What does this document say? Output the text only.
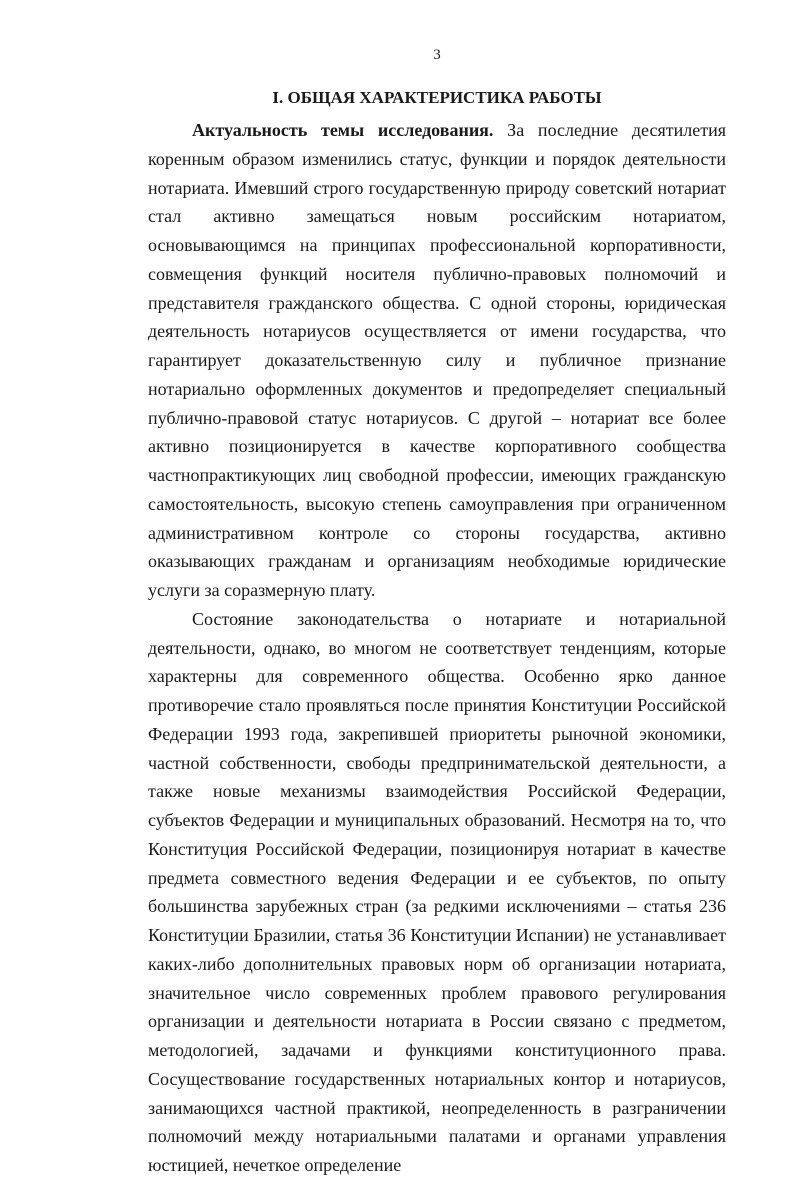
3
I. ОБЩАЯ ХАРАКТЕРИСТИКА РАБОТЫ

Актуальность темы исследования. За последние десятилетия коренным образом изменились статус, функции и порядок деятельности нотариата. Имевший строго государственную природу советский нотариат стал активно замещаться новым российским нотариатом, основывающимся на принципах профессиональной корпоративности, совмещения функций носителя публично-правовых полномочий и представителя гражданского общества. С одной стороны, юридическая деятельность нотариусов осуществляется от имени государства, что гарантирует доказательственную силу и публичное признание нотариально оформленных документов и предопределяет специальный публично-правовой статус нотариусов. С другой – нотариат все более активно позиционируется в качестве корпоративного сообщества частнопрактикующих лиц свободной профессии, имеющих гражданскую самостоятельность, высокую степень самоуправления при ограниченном административном контроле со стороны государства, активно оказывающих гражданам и организациям необходимые юридические услуги за соразмерную плату.

Состояние законодательства о нотариате и нотариальной деятельности, однако, во многом не соответствует тенденциям, которые характерны для современного общества. Особенно ярко данное противоречие стало проявляться после принятия Конституции Российской Федерации 1993 года, закрепившей приоритеты рыночной экономики, частной собственности, свободы предпринимательской деятельности, а также новые механизмы взаимодействия Российской Федерации, субъектов Федерации и муниципальных образований. Несмотря на то, что Конституция Российской Федерации, позиционируя нотариат в качестве предмета совместного ведения Федерации и ее субъектов, по опыту большинства зарубежных стран (за редкими исключениями – статья 236 Конституции Бразилии, статья 36 Конституции Испании) не устанавливает каких-либо дополнительных правовых норм об организации нотариата, значительное число современных проблем правового регулирования организации и деятельности нотариата в России связано с предметом, методологией, задачами и функциями конституционного права. Сосуществование государственных нотариальных контор и нотариусов, занимающихся частной практикой, неопределенность в разграничении полномочий между нотариальными палатами и органами управления юстицией, нечеткое определение
